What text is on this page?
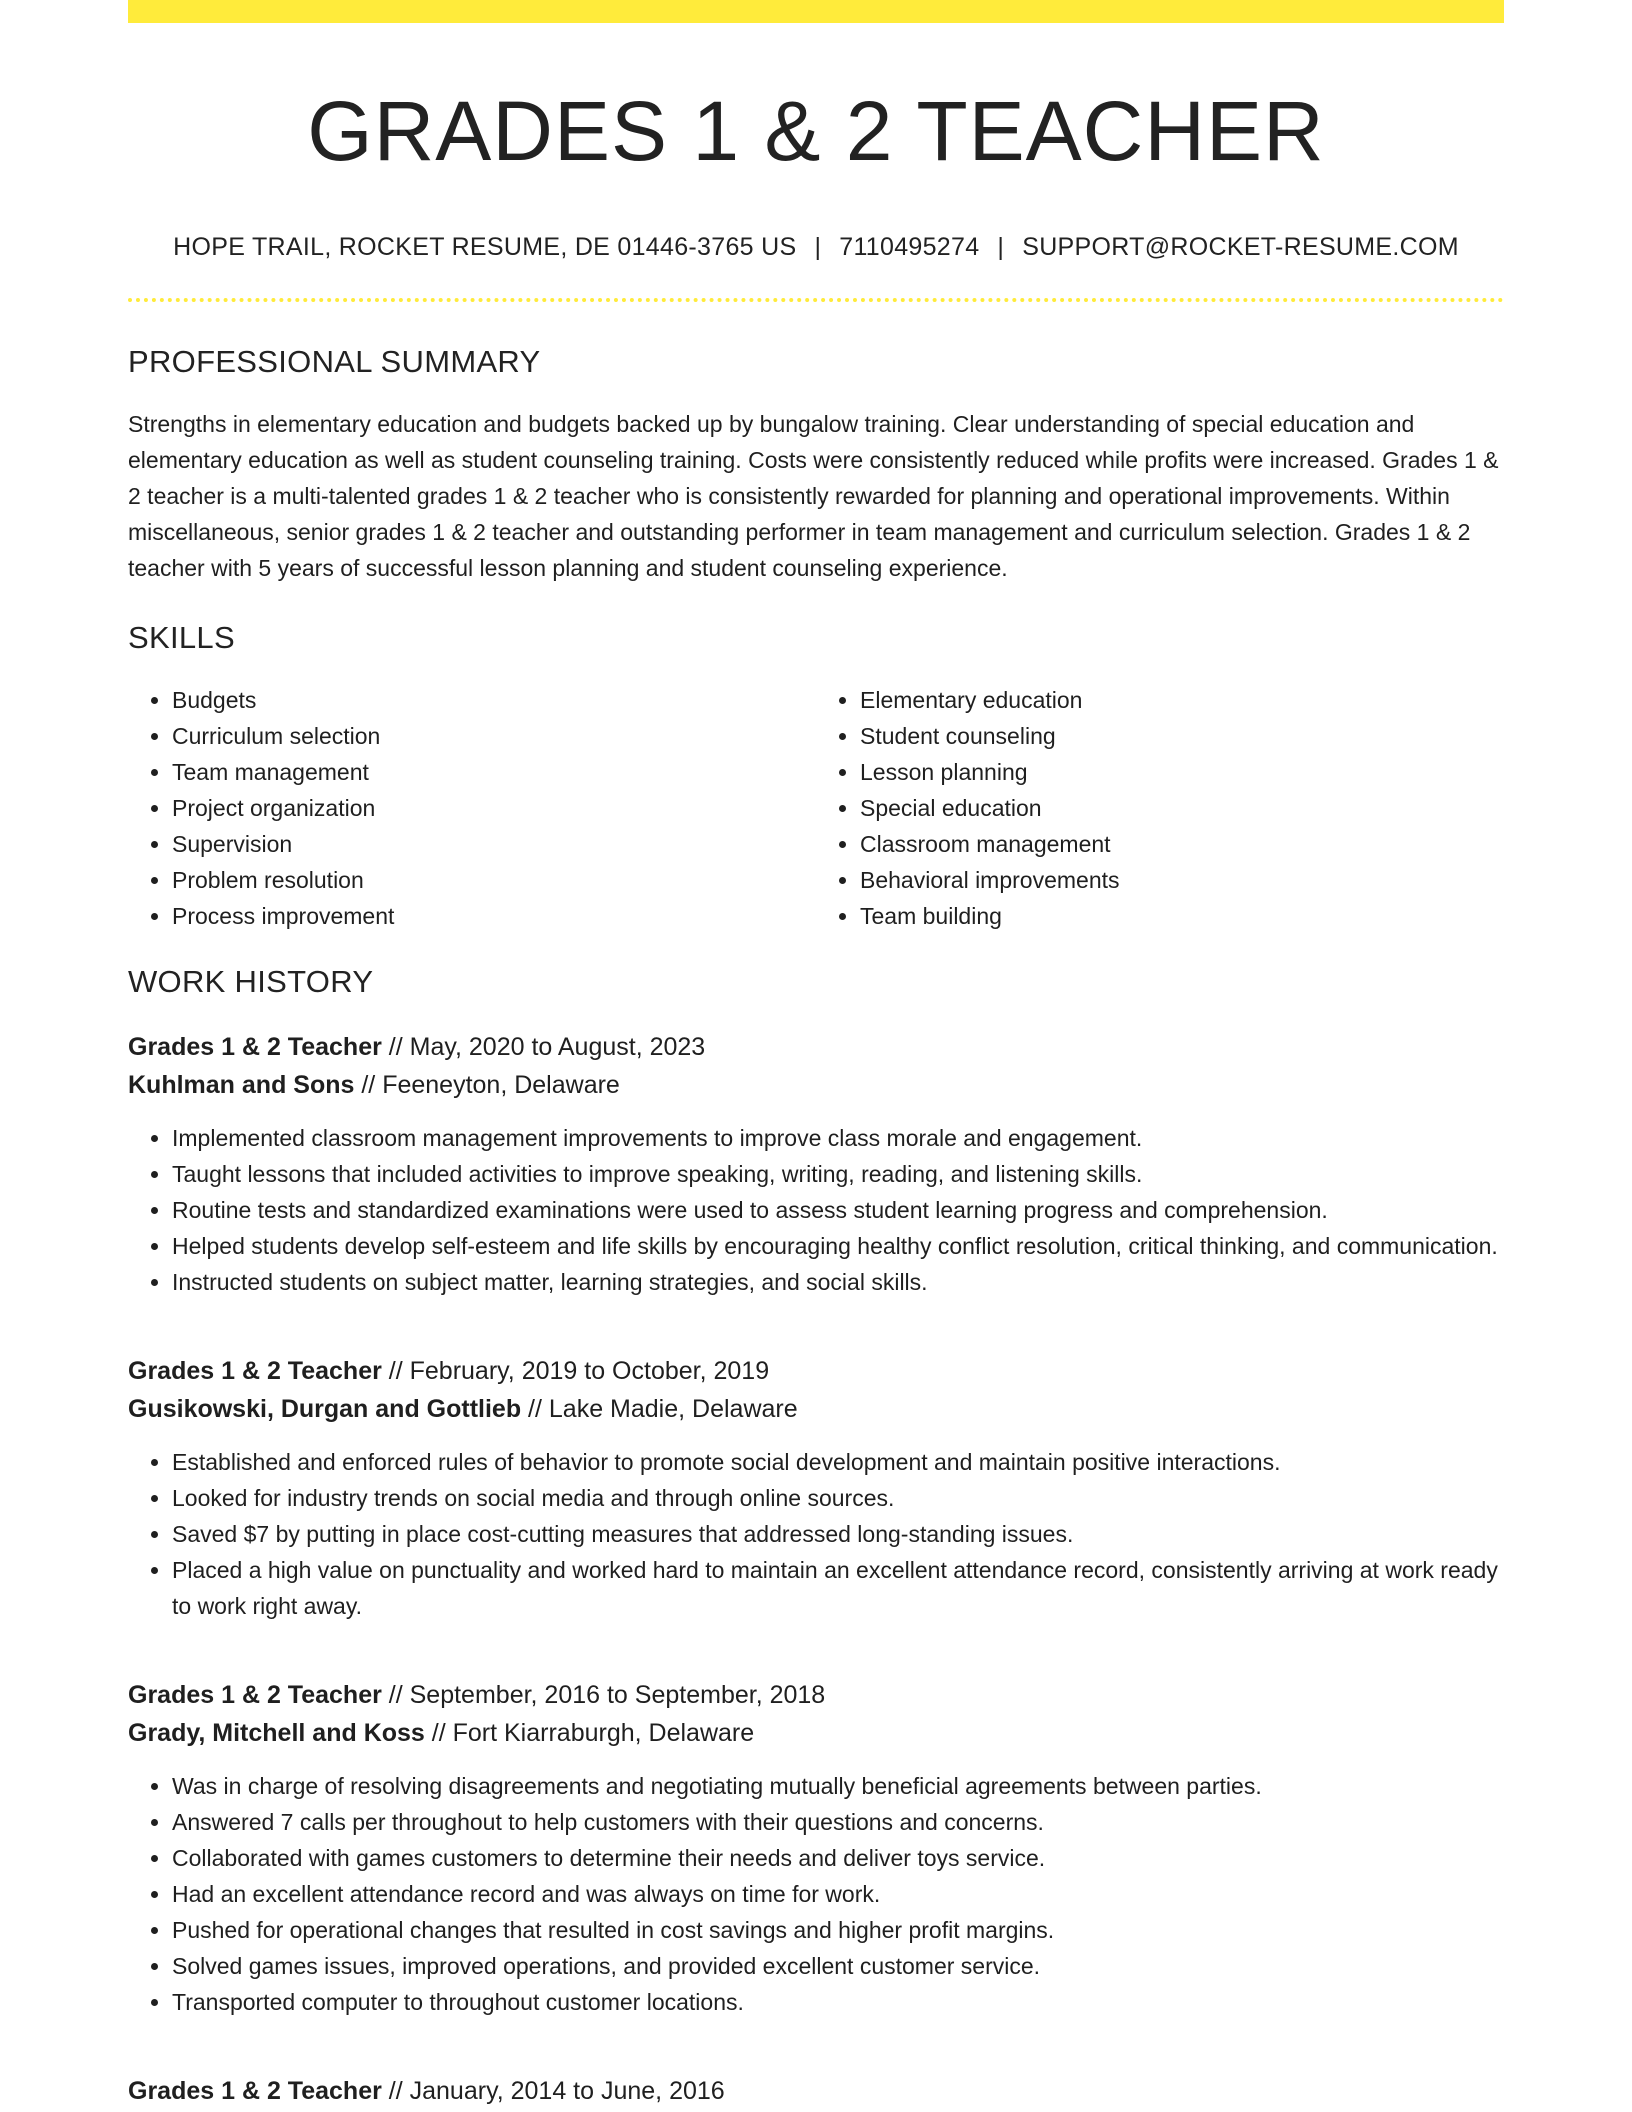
GRADES 1 & 2 TEACHER
HOPE TRAIL, ROCKET RESUME, DE 01446-3765 US | 7110495274 | SUPPORT@ROCKET-RESUME.COM
PROFESSIONAL SUMMARY
Strengths in elementary education and budgets backed up by bungalow training. Clear understanding of special education and elementary education as well as student counseling training. Costs were consistently reduced while profits were increased. Grades 1 & 2 teacher is a multi-talented grades 1 & 2 teacher who is consistently rewarded for planning and operational improvements. Within miscellaneous, senior grades 1 & 2 teacher and outstanding performer in team management and curriculum selection. Grades 1 & 2 teacher with 5 years of successful lesson planning and student counseling experience.
SKILLS
• Budgets
• Curriculum selection
• Team management
• Project organization
• Supervision
• Problem resolution
• Process improvement
• Elementary education
• Student counseling
• Lesson planning
• Special education
• Classroom management
• Behavioral improvements
• Team building
WORK HISTORY
Grades 1 & 2 Teacher // May, 2020 to August, 2023
Kuhlman and Sons // Feeneyton, Delaware
• Implemented classroom management improvements to improve class morale and engagement.
• Taught lessons that included activities to improve speaking, writing, reading, and listening skills.
• Routine tests and standardized examinations were used to assess student learning progress and comprehension.
• Helped students develop self-esteem and life skills by encouraging healthy conflict resolution, critical thinking, and communication.
• Instructed students on subject matter, learning strategies, and social skills.
Grades 1 & 2 Teacher // February, 2019 to October, 2019
Gusikowski, Durgan and Gottlieb // Lake Madie, Delaware
• Established and enforced rules of behavior to promote social development and maintain positive interactions.
• Looked for industry trends on social media and through online sources.
• Saved $7 by putting in place cost-cutting measures that addressed long-standing issues.
• Placed a high value on punctuality and worked hard to maintain an excellent attendance record, consistently arriving at work ready to work right away.
Grades 1 & 2 Teacher // September, 2016 to September, 2018
Grady, Mitchell and Koss // Fort Kiarraburgh, Delaware
• Was in charge of resolving disagreements and negotiating mutually beneficial agreements between parties.
• Answered 7 calls per throughout to help customers with their questions and concerns.
• Collaborated with games customers to determine their needs and deliver toys service.
• Had an excellent attendance record and was always on time for work.
• Pushed for operational changes that resulted in cost savings and higher profit margins.
• Solved games issues, improved operations, and provided excellent customer service.
• Transported computer to throughout customer locations.
Grades 1 & 2 Teacher // January, 2014 to June, 2016
